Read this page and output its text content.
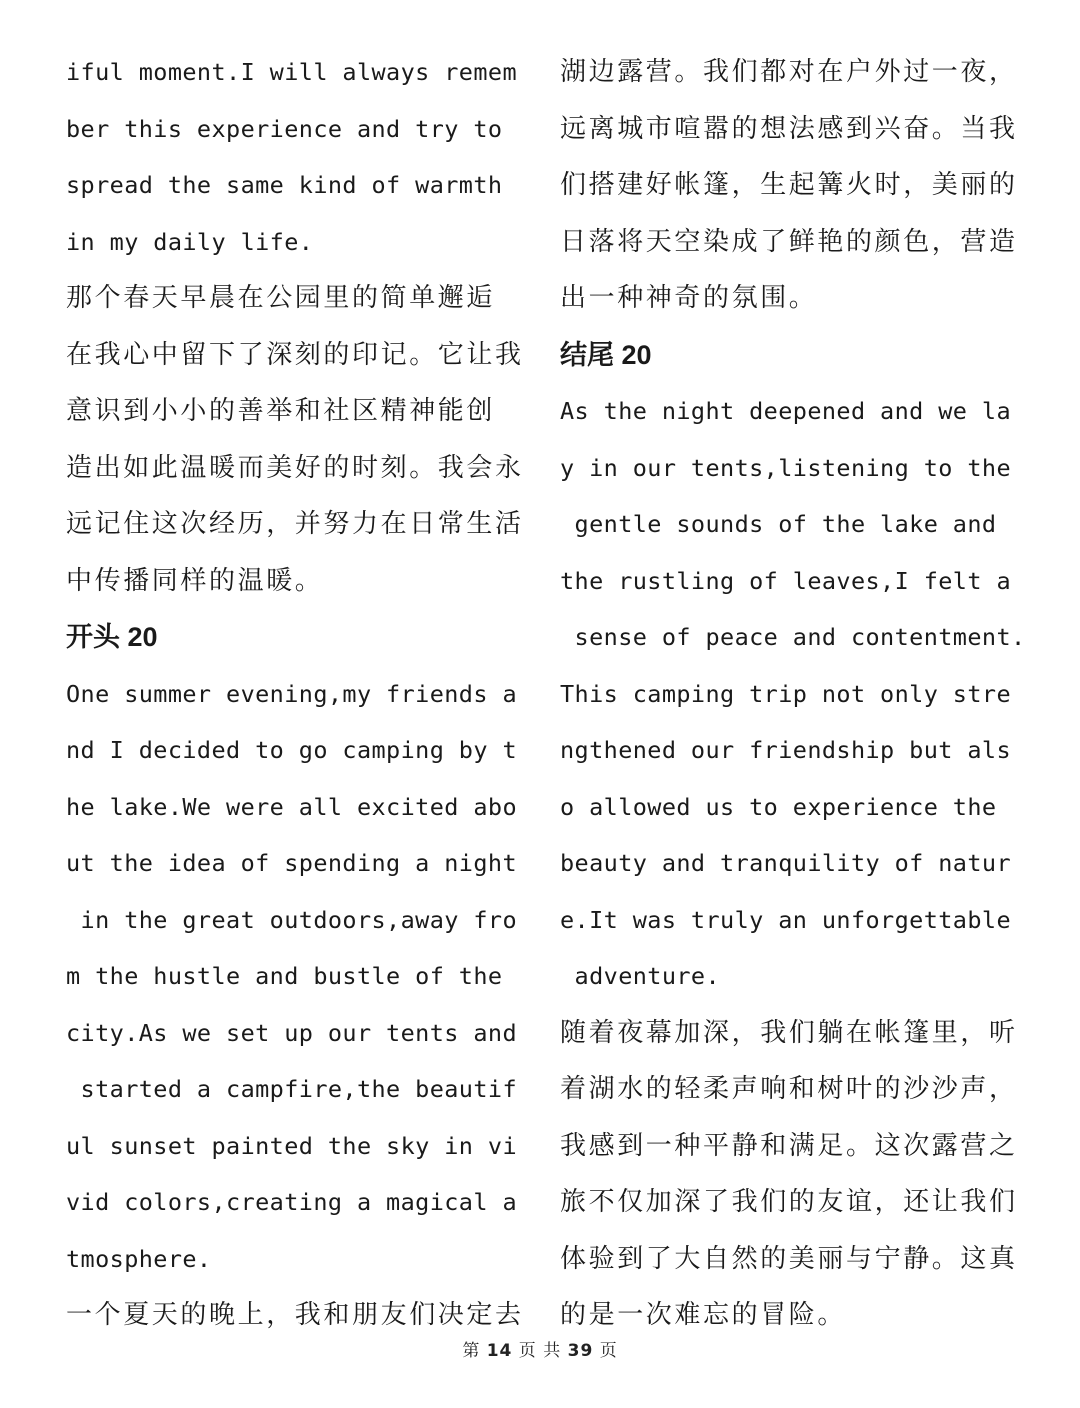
iful moment.I will always remem
ber this experience and try to
spread the same kind of warmth
in my daily life.
那个春天早晨在公园里的简单邂逅
在我心中留下了深刻的印记。它让我
意识到小小的善举和社区精神能创
造出如此温暖而美好的时刻。我会永
远记住这次经历，并努力在日常生活
中传播同样的温暖。
开头 20
One summer evening,my friends a
nd I decided to go camping by t
he lake.We were all excited abo
ut the idea of spending a night
in the great outdoors,away fro
m the hustle and bustle of the
city.As we set up our tents and
started a campfire,the beautif
ul sunset painted the sky in vi
vid colors,creating a magical a
tmosphere.
一个夏天的晚上，我和朋友们决定去
湖边露营。我们都对在户外过一夜，
远离城市喧嚣的想法感到兴奋。当我
们搭建好帐篷，生起篝火时，美丽的
日落将天空染成了鲜艳的颜色，营造
出一种神奇的氛围。
结尾 20
As the night deepened and we la
y in our tents,listening to the
gentle sounds of the lake and
the rustling of leaves,I felt a
sense of peace and contentment.
This camping trip not only stre
ngthened our friendship but als
o allowed us to experience the
beauty and tranquility of natur
e.It was truly an unforgettable
adventure.
随着夜幕加深，我们躺在帐篷里，听
着湖水的轻柔声响和树叶的沙沙声，
我感到一种平静和满足。这次露营之
旅不仅加深了我们的友谊，还让我们
体验到了大自然的美丽与宁静。这真
的是一次难忘的冒险。
第 14 页 共 39 页
